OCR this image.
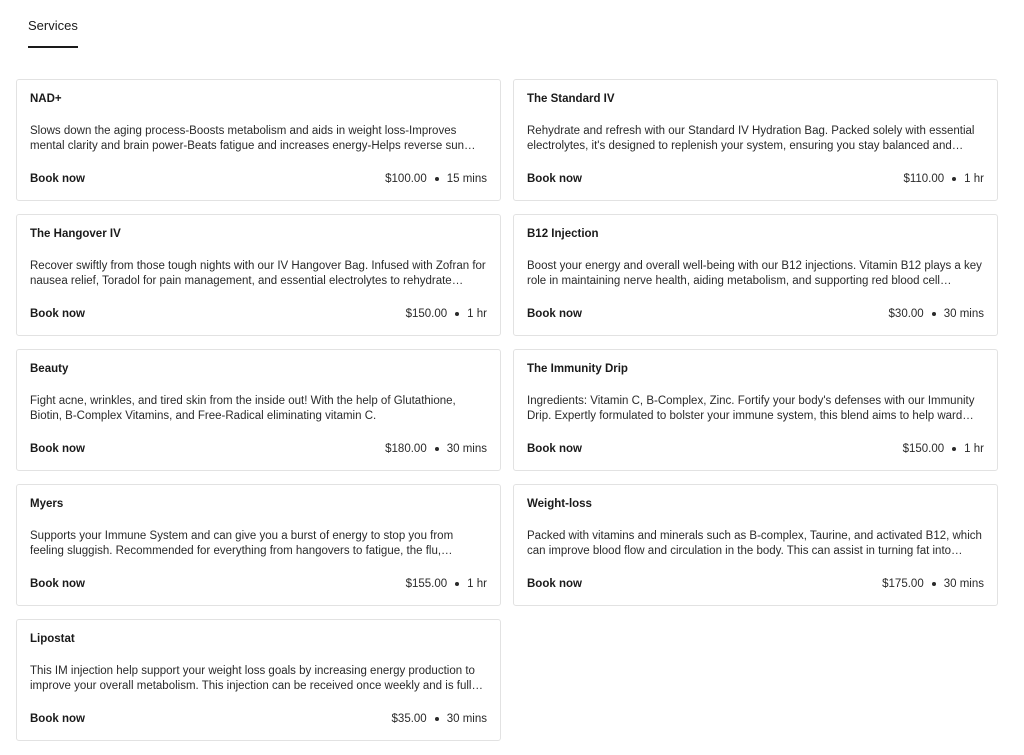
Services
NAD+
Slows down the aging process-Boosts metabolism and aids in weight loss-Improves mental clarity and brain power-Beats fatigue and increases energy-Helps reverse sun…
Book now	$100.00 15 mins
The Standard IV
Rehydrate and refresh with our Standard IV Hydration Bag. Packed solely with essential electrolytes, it's designed to replenish your system, ensuring you stay balanced and…
Book now	$110.00 1 hr
The Hangover IV
Recover swiftly from those tough nights with our IV Hangover Bag. Infused with Zofran for nausea relief, Toradol for pain management, and essential electrolytes to rehydrate…
Book now	$150.00 1 hr
B12 Injection
Boost your energy and overall well-being with our B12 injections. Vitamin B12 plays a key role in maintaining nerve health, aiding metabolism, and supporting red blood cell…
Book now	$30.00 30 mins
Beauty
Fight acne, wrinkles, and tired skin from the inside out! With the help of Glutathione, Biotin, B-Complex Vitamins, and Free-Radical eliminating vitamin C.
Book now	$180.00 30 mins
The Immunity Drip
Ingredients: Vitamin C, B-Complex, Zinc. Fortify your body's defenses with our Immunity Drip. Expertly formulated to bolster your immune system, this blend aims to help ward…
Book now	$150.00 1 hr
Myers
Supports your Immune System and can give you a burst of energy to stop you from feeling sluggish. Recommended for everything from hangovers to fatigue, the flu,…
Book now	$155.00 1 hr
Weight-loss
Packed with vitamins and minerals such as B-complex, Taurine, and activated B12, which can improve blood flow and circulation in the body. This can assist in turning fat into…
Book now	$175.00 30 mins
Lipostat
This IM injection help support your weight loss goals by increasing energy production to improve your overall metabolism. This injection can be received once weekly and is full…
Book now	$35.00 30 mins
